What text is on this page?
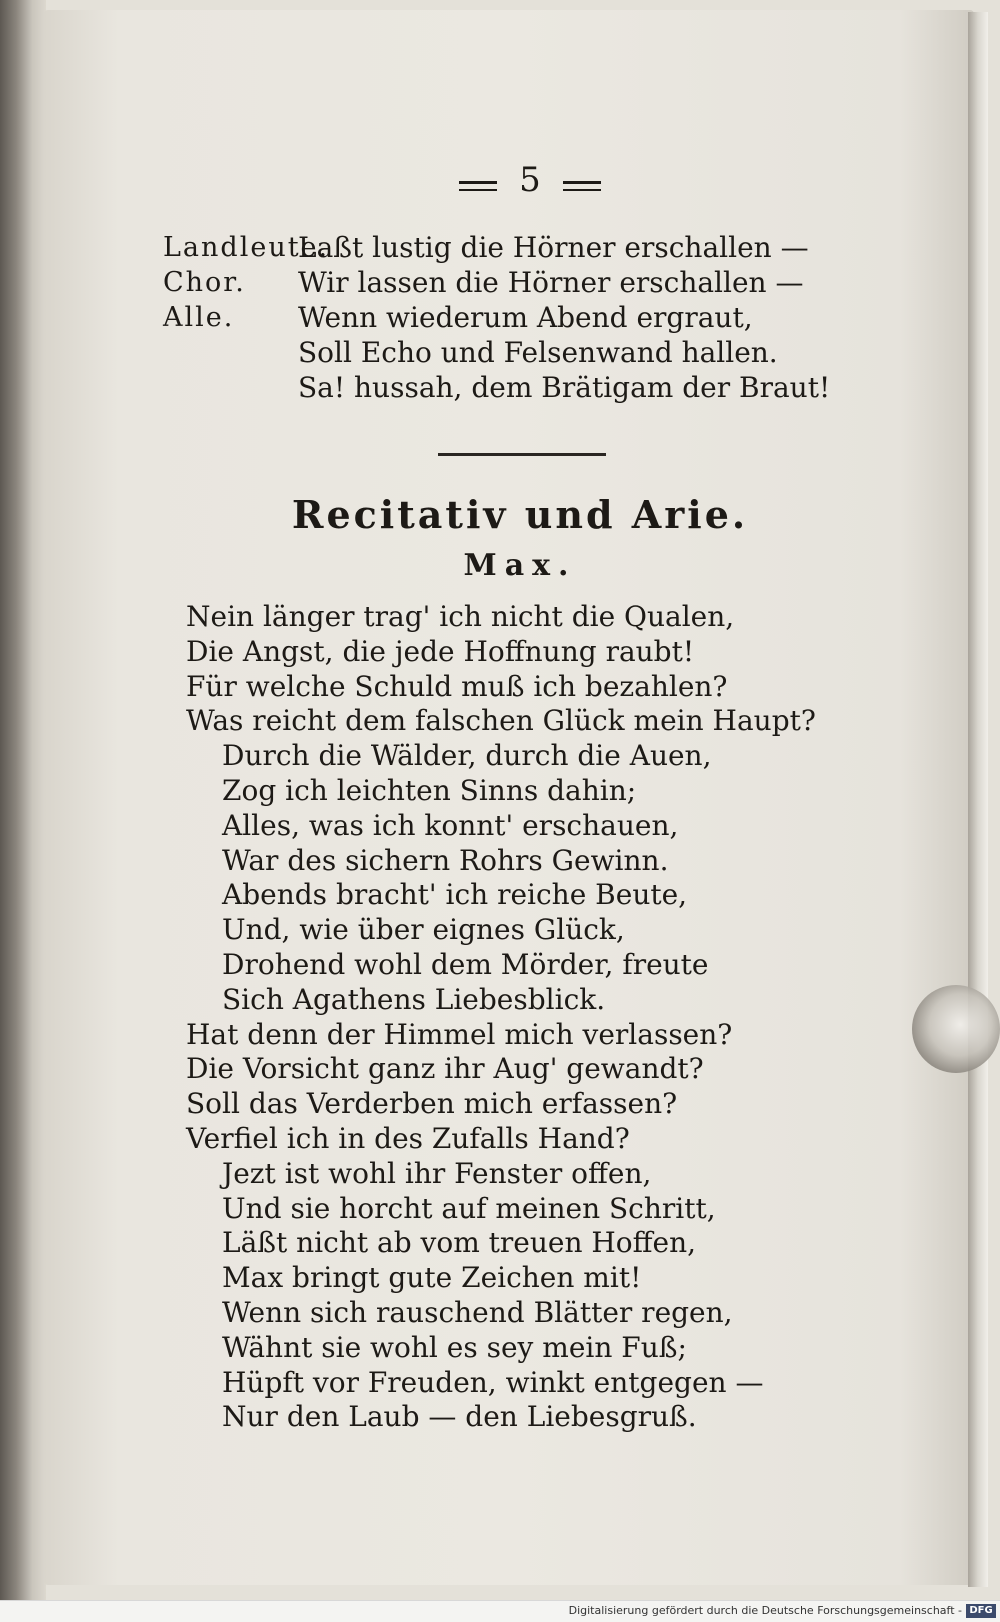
5
Landleute.
Chor.
Alle.
Laßt lustig die Hörner erschallen —
Wir lassen die Hörner erschallen —
Wenn wiederum Abend ergraut,
Soll Echo und Felsenwand hallen.
Sa! hussah, dem Brätigam der Braut!
Recitativ und Arie.
Max.
Nein länger trag' ich nicht die Qualen,
Die Angst, die jede Hoffnung raubt!
Für welche Schuld muß ich bezahlen?
Was reicht dem falschen Glück mein Haupt?
Durch die Wälder, durch die Auen,
Zog ich leichten Sinns dahin;
Alles, was ich konnt' erschauen,
War des sichern Rohrs Gewinn.
Abends bracht' ich reiche Beute,
Und, wie über eignes Glück,
Drohend wohl dem Mörder, freute
Sich Agathens Liebesblick.
Hat denn der Himmel mich verlassen?
Die Vorsicht ganz ihr Aug' gewandt?
Soll das Verderben mich erfassen?
Verfiel ich in des Zufalls Hand?
Jezt ist wohl ihr Fenster offen,
Und sie horcht auf meinen Schritt,
Läßt nicht ab vom treuen Hoffen,
Max bringt gute Zeichen mit!
Wenn sich rauschend Blätter regen,
Wähnt sie wohl es sey mein Fuß;
Hüpft vor Freuden, winkt entgegen —
Nur den Laub — den Liebesgruß.
Digitalisierung gefördert durch die Deutsche Forschungsgemeinschaft - DFG
